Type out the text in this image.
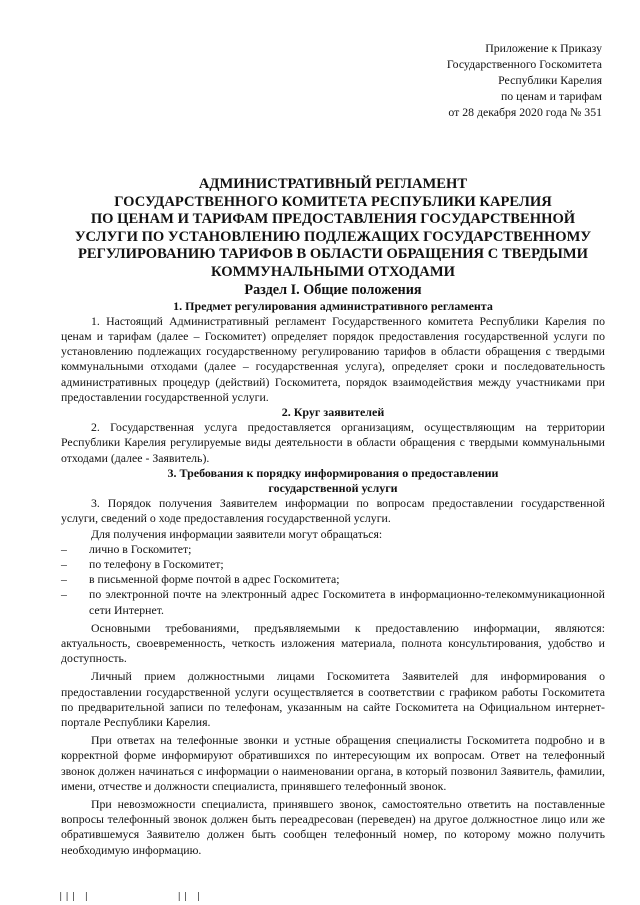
Приложение к Приказу
Государственного Госкомитета
Республики Карелия
по ценам и тарифам
от 28 декабря 2020 года № 351
АДМИНИСТРАТИВНЫЙ РЕГЛАМЕНТ
ГОСУДАРСТВЕННОГО КОМИТЕТА РЕСПУБЛИКИ КАРЕЛИЯ
ПО ЦЕНАМ И ТАРИФАМ ПРЕДОСТАВЛЕНИЯ ГОСУДАРСТВЕННОЙ
УСЛУГИ ПО УСТАНОВЛЕНИЮ ПОДЛЕЖАЩИХ ГОСУДАРСТВЕННОМУ
РЕГУЛИРОВАНИЮ ТАРИФОВ В ОБЛАСТИ ОБРАЩЕНИЯ С ТВЕРДЫМИ
КОММУНАЛЬНЫМИ ОТХОДАМИ
Раздел I. Общие положения
1. Предмет регулирования административного регламента

1. Настоящий Административный регламент Государственного комитета Республики Карелия по ценам и тарифам (далее – Госкомитет) определяет порядок предоставления государственной услуги по установлению подлежащих государственному регулированию тарифов в области обращения с твердыми коммунальными отходами (далее – государственная услуга), определяет сроки и последовательность административных процедур (действий) Госкомитета, порядок взаимодействия между участниками при предоставлении государственной услуги.

2. Круг заявителей

2. Государственная услуга предоставляется организациям, осуществляющим на территории Республики Карелия регулируемые виды деятельности в области обращения с твердыми коммунальными отходами (далее - Заявитель).

3. Требования к порядку информирования о предоставлении
государственной услуги

3. Порядок получения Заявителем информации по вопросам предоставлении государственной услуги, сведений о ходе предоставления государственной услуги.

Для получения информации заявители могут обращаться:

–	лично в Госкомитет;
–	по телефону в Госкомитет;
–	в письменной форме почтой в адрес Госкомитета;
–	по электронной почте на электронный адрес Госкомитета в информационно-телекоммуникационной сети Интернет.

Основными требованиями, предъявляемыми к предоставлению информации, являются: актуальность, своевременность, четкость изложения материала, полнота консультирования, удобство и доступность.

Личный прием должностными лицами Госкомитета Заявителей для информирования о предоставлении государственной услуги осуществляется в соответствии с графиком работы Госкомитета по предварительной записи по телефонам, указанным на сайте Госкомитета на Официальном интернет-портале Республики Карелия.

При ответах на телефонные звонки и устные обращения специалисты Госкомитета подробно и в корректной форме информируют обратившихся по интересующим их вопросам. Ответ на телефонный звонок должен начинаться с информации о наименовании органа, в который позвонил Заявитель, фамилии, имени, отчестве и должности специалиста, принявшего телефонный звонок.

При невозможности специалиста, принявшего звонок, самостоятельно ответить на поставленные вопросы телефонный звонок должен быть переадресован (переведен) на другое должностное лицо или же обратившемуся Заявителю должен быть сообщен телефонный номер, по которому можно получить необходимую информацию.

||| |	|| |
